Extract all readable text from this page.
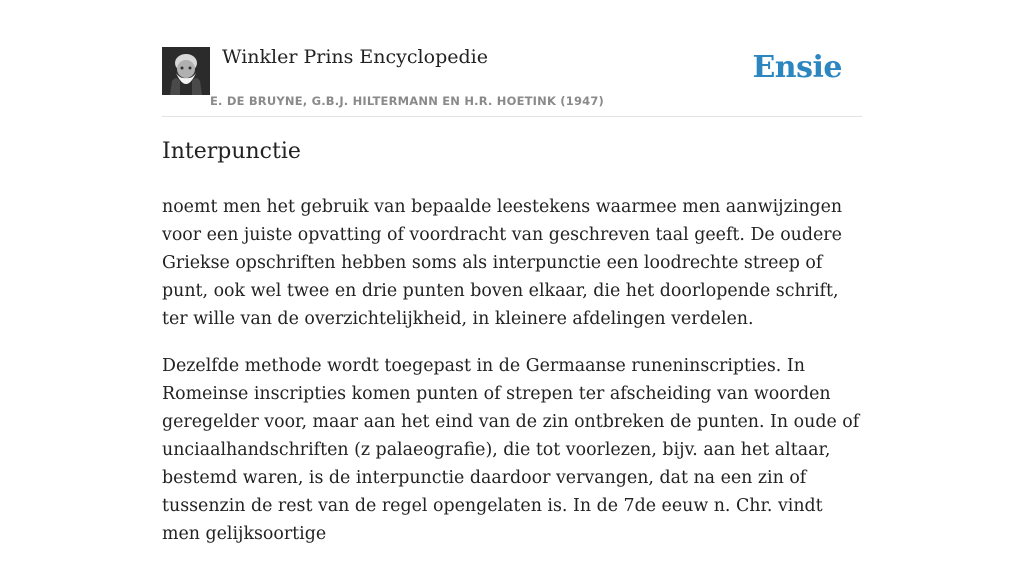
Winkler Prins Encyclopedie
E. DE BRUYNE, G.B.J. HILTERMANN EN H.R. HOETINK (1947)
Ensie
Interpunctie

noemt men het gebruik van bepaalde leestekens waarmee men aanwijzingen voor een juiste opvatting of voordracht van geschreven taal geeft. De oudere Griekse opschriften hebben soms als interpunctie een loodrechte streep of punt, ook wel twee en drie punten boven elkaar, die het doorlopende schrift, ter wille van de overzichtelijkheid, in kleinere afdelingen verdelen.

Dezelfde methode wordt toegepast in de Germaanse runeninscripties. In Romeinse inscripties komen punten of strepen ter afscheiding van woorden geregelder voor, maar aan het eind van de zin ontbreken de punten. In oude of unciaalhandschriften (z palaeografie), die tot voorlezen, bijv. aan het altaar, bestemd waren, is de interpunctie daardoor vervangen, dat na een zin of tussenzin de rest van de regel opengelaten is. In de 7de eeuw n. Chr. vindt men gelijksoortige
